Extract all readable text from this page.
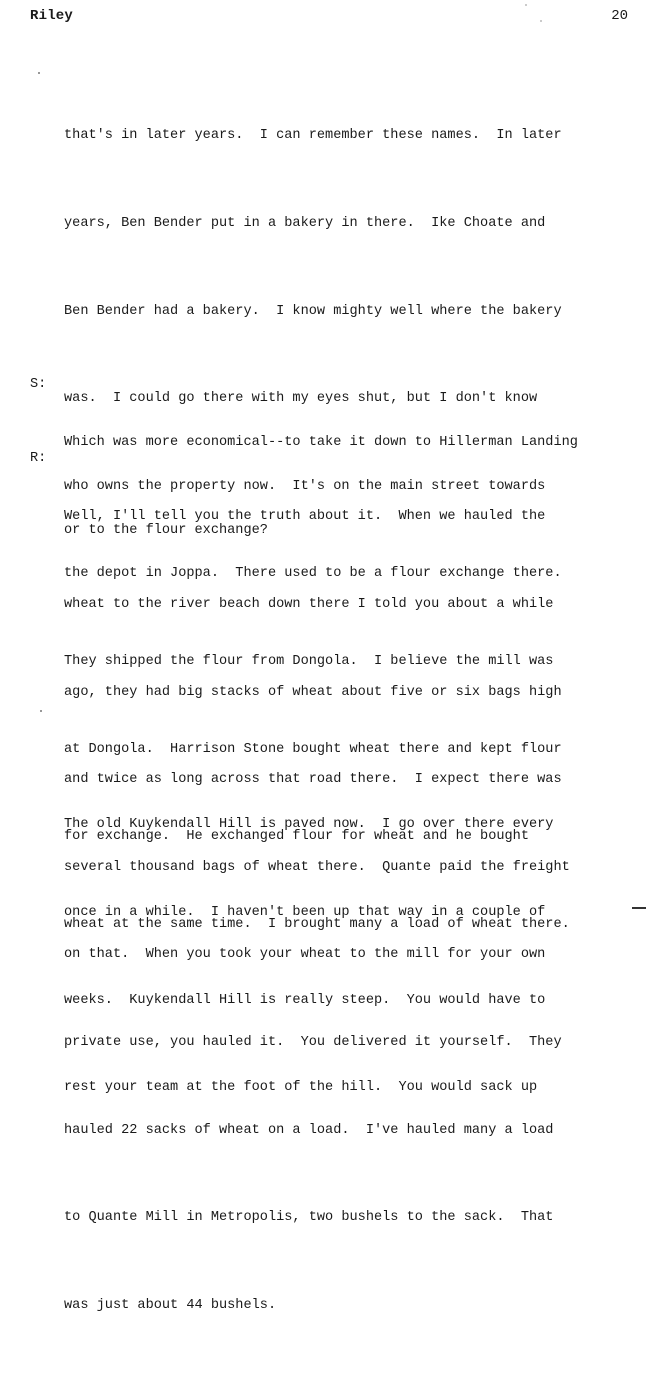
Riley	20

that's in later years.  I can remember these names.  In later

years, Ben Bender put in a bakery in there.  Ike Choate and

Ben Bender had a bakery.  I know mighty well where the bakery

was.  I could go there with my eyes shut, but I don't know

who owns the property now.  It's on the main street towards

the depot in Joppa.  There used to be a flour exchange there.

They shipped the flour from Dongola.  I believe the mill was

at Dongola.  Harrison Stone bought wheat there and kept flour

for exchange.  He exchanged flour for wheat and he bought

wheat at the same time.  I brought many a load of wheat there.

S:

Which was more economical--to take it down to Hillerman Landing

or to the flour exchange?

R:

Well, I'll tell you the truth about it.  When we hauled the

wheat to the river beach down there I told you about a while

ago, they had big stacks of wheat about five or six bags high

and twice as long across that road there.  I expect there was

several thousand bags of wheat there.  Quante paid the freight

on that.  When you took your wheat to the mill for your own

private use, you hauled it.  You delivered it yourself.  They

hauled 22 sacks of wheat on a load.  I've hauled many a load

to Quante Mill in Metropolis, two bushels to the sack.  That

was just about 44 bushels.

The old Kuykendall Hill is paved now.  I go over there every

once in a while.  I haven't been up that way in a couple of

weeks.  Kuykendall Hill is really steep.  You would have to

rest your team at the foot of the hill.  You would sack up
